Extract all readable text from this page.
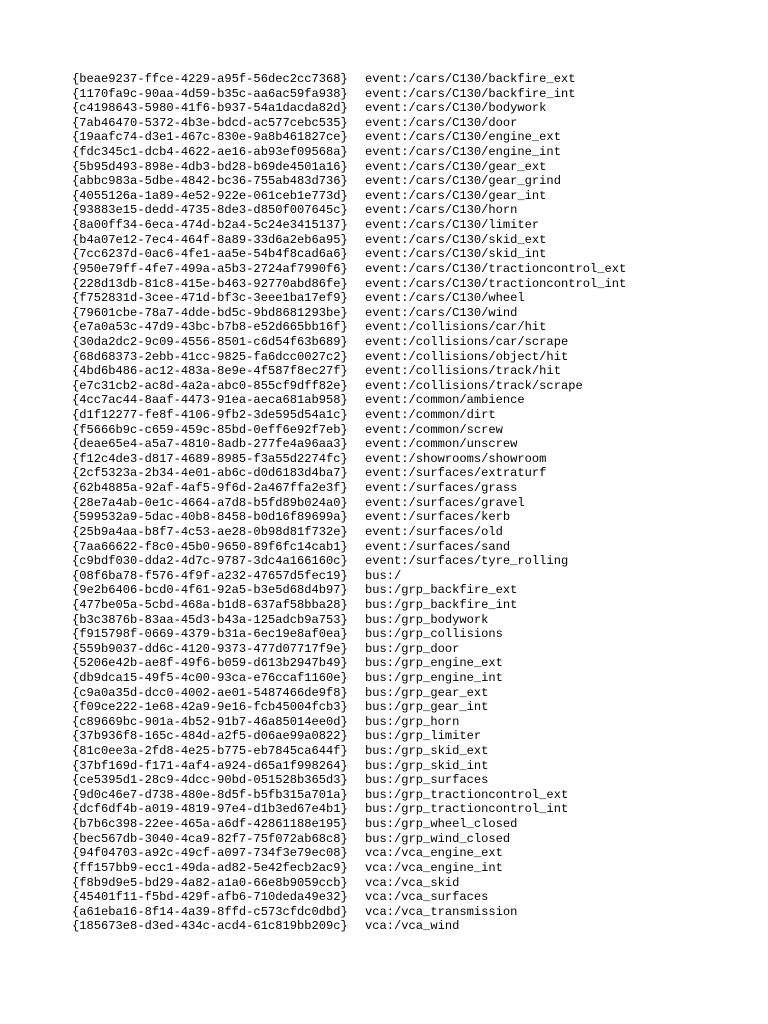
{beae9237-ffce-4229-a95f-56dec2cc7368}	event:/cars/C130/backfire_ext
{1170fa9c-90aa-4d59-b35c-aa6ac59fa938}	event:/cars/C130/backfire_int
{c4198643-5980-41f6-b937-54a1dacda82d}	event:/cars/C130/bodywork
{7ab46470-5372-4b3e-bdcd-ac577cebc535}	event:/cars/C130/door
{19aafc74-d3e1-467c-830e-9a8b461827ce}	event:/cars/C130/engine_ext
{fdc345c1-dcb4-4622-ae16-ab93ef09568a}	event:/cars/C130/engine_int
{5b95d493-898e-4db3-bd28-b69de4501a16}	event:/cars/C130/gear_ext
{abbc983a-5dbe-4842-bc36-755ab483d736}	event:/cars/C130/gear_grind
{4055126a-1a89-4e52-922e-061ceb1e773d}	event:/cars/C130/gear_int
{93883e15-dedd-4735-8de3-d850f007645c}	event:/cars/C130/horn
{8a00ff34-6eca-474d-b2a4-5c24e3415137}	event:/cars/C130/limiter
{b4a07e12-7ec4-464f-8a89-33d6a2eb6a95}	event:/cars/C130/skid_ext
{7cc6237d-0ac6-4fe1-aa5e-54b4f8cad6a6}	event:/cars/C130/skid_int
{950e79ff-4fe7-499a-a5b3-2724af7990f6}	event:/cars/C130/tractioncontrol_ext
{228d13db-81c8-415e-b463-92770abd86fe}	event:/cars/C130/tractioncontrol_int
{f752831d-3cee-471d-bf3c-3eee1ba17ef9}	event:/cars/C130/wheel
{79601cbe-78a7-4dde-bd5c-9bd8681293be}	event:/cars/C130/wind
{e7a0a53c-47d9-43bc-b7b8-e52d665bb16f}	event:/collisions/car/hit
{30da2dc2-9c09-4556-8501-c6d54f63b689}	event:/collisions/car/scrape
{68d68373-2ebb-41cc-9825-fa6dcc0027c2}	event:/collisions/object/hit
{4bd6b486-ac12-483a-8e9e-4f587f8ec27f}	event:/collisions/track/hit
{e7c31cb2-ac8d-4a2a-abc0-855cf9dff82e}	event:/collisions/track/scrape
{4cc7ac44-8aaf-4473-91ea-aeca681ab958}	event:/common/ambience
{d1f12277-fe8f-4106-9fb2-3de595d54a1c}	event:/common/dirt
{f5666b9c-c659-459c-85bd-0eff6e92f7eb}	event:/common/screw
{deae65e4-a5a7-4810-8adb-277fe4a96aa3}	event:/common/unscrew
{f12c4de3-d817-4689-8985-f3a55d2274fc}	event:/showrooms/showroom
{2cf5323a-2b34-4e01-ab6c-d0d6183d4ba7}	event:/surfaces/extraturf
{62b4885a-92af-4af5-9f6d-2a467ffa2e3f}	event:/surfaces/grass
{28e7a4ab-0e1c-4664-a7d8-b5fd89b024a0}	event:/surfaces/gravel
{599532a9-5dac-40b8-8458-b0d16f89699a}	event:/surfaces/kerb
{25b9a4aa-b8f7-4c53-ae28-0b98d81f732e}	event:/surfaces/old
{7aa66622-f8c0-45b0-9650-89f6fc14cab1}	event:/surfaces/sand
{c9bdf030-dda2-4d7c-9787-3dc4a166160c}	event:/surfaces/tyre_rolling
{08f6ba78-f576-4f9f-a232-47657d5fec19}	bus:/
{9e2b6406-bcd0-4f61-92a5-b3e5d68d4b97}	bus:/grp_backfire_ext
{477be05a-5cbd-468a-b1d8-637af58bba28}	bus:/grp_backfire_int
{b3c3876b-83aa-45d3-b43a-125adcb9a753}	bus:/grp_bodywork
{f915798f-0669-4379-b31a-6ec19e8af0ea}	bus:/grp_collisions
{559b9037-dd6c-4120-9373-477d07717f9e}	bus:/grp_door
{5206e42b-ae8f-49f6-b059-d613b2947b49}	bus:/grp_engine_ext
{db9dca15-49f5-4c00-93ca-e76ccaf1160e}	bus:/grp_engine_int
{c9a0a35d-dcc0-4002-ae01-5487466de9f8}	bus:/grp_gear_ext
{f09ce222-1e68-42a9-9e16-fcb45004fcb3}	bus:/grp_gear_int
{c89669bc-901a-4b52-91b7-46a85014ee0d}	bus:/grp_horn
{37b936f8-165c-484d-a2f5-d06ae99a0822}	bus:/grp_limiter
{81c0ee3a-2fd8-4e25-b775-eb7845ca644f}	bus:/grp_skid_ext
{37bf169d-f171-4af4-a924-d65a1f998264}	bus:/grp_skid_int
{ce5395d1-28c9-4dcc-90bd-051528b365d3}	bus:/grp_surfaces
{9d0c46e7-d738-480e-8d5f-b5fb315a701a}	bus:/grp_tractioncontrol_ext
{dcf6df4b-a019-4819-97e4-d1b3ed67e4b1}	bus:/grp_tractioncontrol_int
{b7b6c398-22ee-465a-a6df-42861188e195}	bus:/grp_wheel_closed
{bec567db-3040-4ca9-82f7-75f072ab68c8}	bus:/grp_wind_closed
{94f04703-a92c-49cf-a097-734f3e79ec08}	vca:/vca_engine_ext
{ff157bb9-ecc1-49da-ad82-5e42fecb2ac9}	vca:/vca_engine_int
{f8b9d9e5-bd29-4a82-a1a0-66e8b9059ccb}	vca:/vca_skid
{45401f11-f5bd-429f-afb6-710deda49e32}	vca:/vca_surfaces
{a61eba16-8f14-4a39-8ffd-c573cfdc0dbd}	vca:/vca_transmission
{185673e8-d3ed-434c-acd4-61c819bb209c}	vca:/vca_wind
